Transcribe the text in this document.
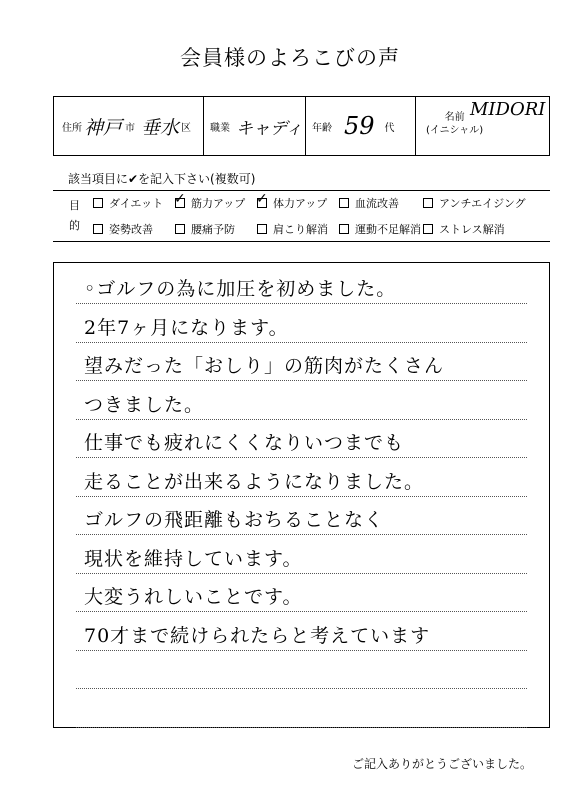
会員様のよろこびの声
住所 神戸 市 垂水 区 職業 キャディ 年齢 59 代
名前
(イニシャル)
MIDORI
該当項目に✔を記入下さい(複数可)
目的
ダイエット ✓	筋力アップ ✓	体力アップ	血流改善	アンチエイジング
姿勢改善	腰痛予防	肩こり解消 運動不足解消 ストレス解消
◦ゴルフの為に加圧を初めました。
2年7ヶ月になります。
望みだった「おしり」の筋肉がたくさん
つきました。
仕事でも疲れにくくなりいつまでも
走ることが出来るようになりました。
ゴルフの飛距離もおちることなく
現状を維持しています。
大変うれしいことです。
70才まで続けられたらと考えています
ご記入ありがとうございました。
